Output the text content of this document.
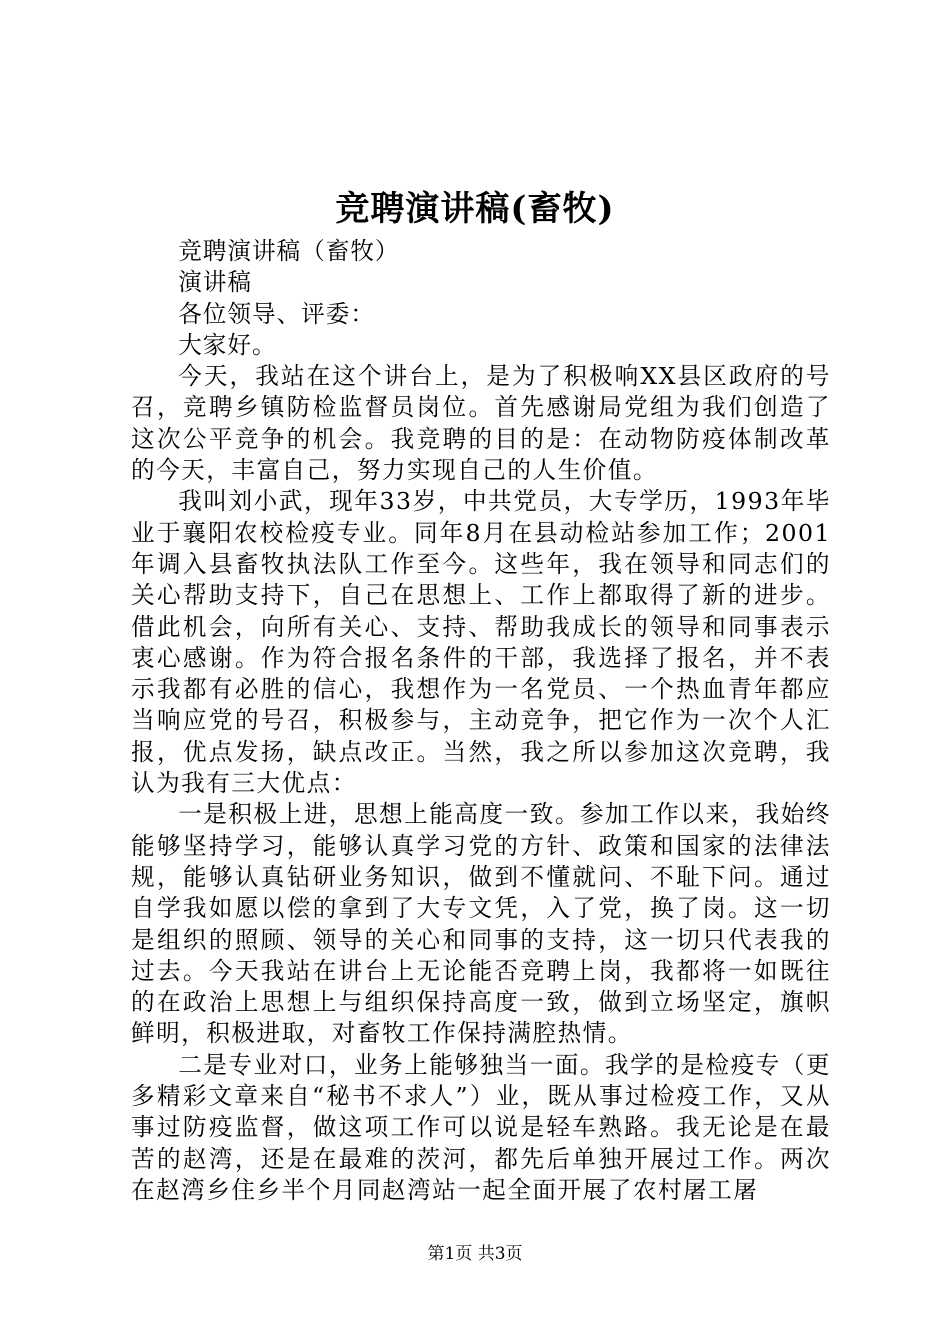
竞聘演讲稿(畜牧)

竞聘演讲稿（畜牧）

演讲稿

各位领导、评委：

大家好。

今天，我站在这个讲台上，是为了积极响XX县区政府的号召，竞聘乡镇防检监督员岗位。首先感谢局党组为我们创造了这次公平竞争的机会。我竞聘的目的是：在动物防疫体制改革的今天，丰富自己，努力实现自己的人生价值。

我叫刘小武，现年33岁，中共党员，大专学历，1993年毕业于襄阳农校检疫专业。同年8月在县动检站参加工作；2001年调入县畜牧执法队工作至今。这些年，我在领导和同志们的关心帮助支持下，自己在思想上、工作上都取得了新的进步。借此机会，向所有关心、支持、帮助我成长的领导和同事表示衷心感谢。作为符合报名条件的干部，我选择了报名，并不表示我都有必胜的信心，我想作为一名党员、一个热血青年都应当响应党的号召，积极参与，主动竞争，把它作为一次个人汇报，优点发扬，缺点改正。当然，我之所以参加这次竞聘，我认为我有三大优点：

一是积极上进，思想上能高度一致。参加工作以来，我始终能够坚持学习，能够认真学习党的方针、政策和国家的法律法规，能够认真钻研业务知识，做到不懂就问、不耻下问。通过自学我如愿以偿的拿到了大专文凭，入了党，换了岗。这一切是组织的照顾、领导的关心和同事的支持，这一切只代表我的过去。今天我站在讲台上无论能否竞聘上岗，我都将一如既往的在政治上思想上与组织保持高度一致，做到立场坚定，旗帜鲜明，积极进取，对畜牧工作保持满腔热情。

二是专业对口，业务上能够独当一面。我学的是检疫专（更多精彩文章来自“秘书不求人”）业，既从事过检疫工作，又从事过防疫监督，做这项工作可以说是轻车熟路。我无论是在最苦的赵湾，还是在最难的茨河，都先后单独开展过工作。两次在赵湾乡住乡半个月同赵湾站一起全面开展了农村屠工屠

第1页 共3页
